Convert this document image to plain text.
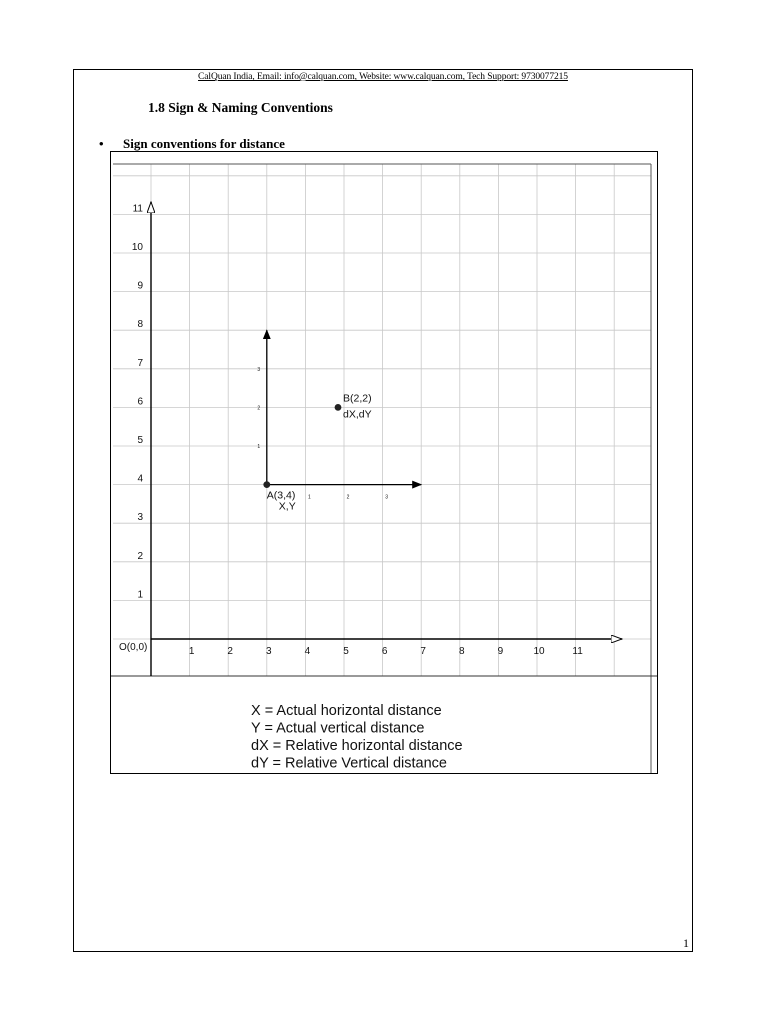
CalQuan India, Email: info@calquan.com, Website: www.calquan.com, Tech Support: 9730077215
1.8 Sign & Naming Conventions
• Sign conventions for distance
O(0,0)	1	2	3	4	5	6	7	8	9	10	11
1
2
3
4
5
6
7
8
9
10
11
1	2	3
1
2
3
A(3,4)
X,Y
B(2,2)
dX,dY
X = Actual horizontal distance
Y = Actual vertical distance
dX = Relative horizontal distance
dY = Relative Vertical distance
1
